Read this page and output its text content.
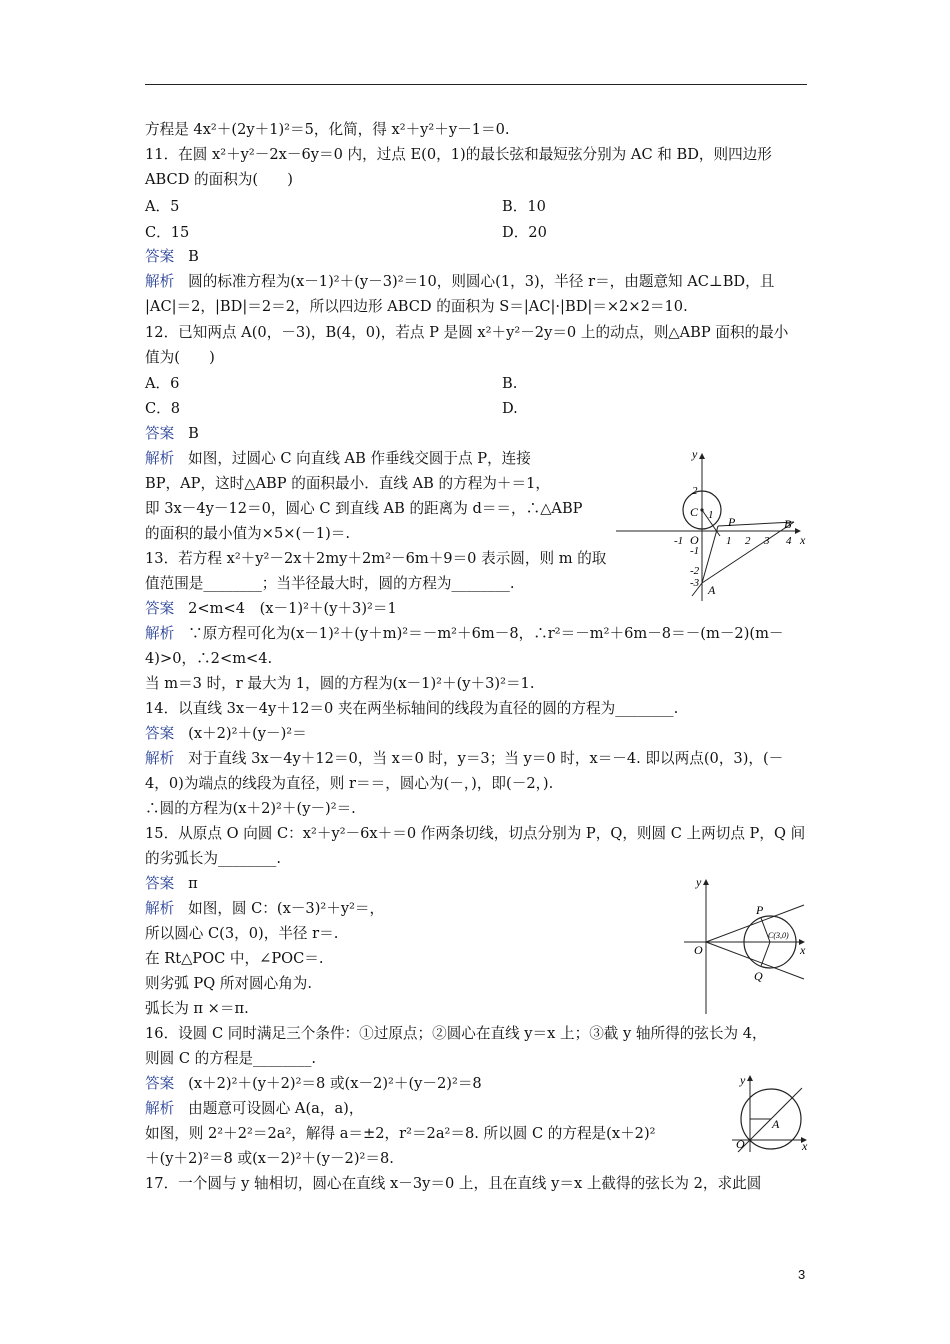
方程是 4x²＋(2y＋1)²＝5，化简，得 x²＋y²＋y－1＝0.
11．在圆 x²＋y²－2x－6y＝0 内，过点 E(0，1)的最长弦和最短弦分别为 AC 和 BD，则四边形
ABCD 的面积为(　　)
A．5	B．10
C．15	D．20
答案 B
解析 圆的标准方程为(x－1)²＋(y－3)²＝10，则圆心(1，3)，半径 r＝，由题意知 AC⊥BD，且
|AC|＝2，|BD|＝2＝2，所以四边形 ABCD 的面积为 S＝|AC|·|BD|＝×2×2＝10.
12．已知两点 A(0，－3)，B(4，0)，若点 P 是圆 x²＋y²－2y＝0 上的动点，则△ABP 面积的最小
值为(　　)
A．6	B.
C．8	D.
答案 B
解析 如图，过圆心 C 向直线 AB 作垂线交圆于点 P，连接
BP，AP，这时△ABP 的面积最小．直线 AB 的方程为＋＝1，
即 3x－4y－12＝0，圆心 C 到直线 AB 的距离为 d＝＝，∴△ABP
的面积的最小值为×5×(－1)＝.
13．若方程 x²＋y²－2x＋2my＋2m²－6m＋9＝0 表示圆，则 m 的取
值范围是________；当半径最大时，圆的方程为________.
答案 2<m<4　(x－1)²＋(y＋3)²＝1
解析 ∵原方程可化为(x－1)²＋(y＋m)²＝－m²＋6m－8，∴r²＝－m²＋6m－8＝－(m－2)(m－
4)>0，∴2<m<4.
当 m＝3 时，r 最大为 1，圆的方程为(x－1)²＋(y＋3)²＝1.
14．以直线 3x－4y＋12＝0 夹在两坐标轴间的线段为直径的圆的方程为________.
答案 (x＋2)²＋(y－)²＝
解析 对于直线 3x－4y＋12＝0，当 x＝0 时，y＝3；当 y＝0 时，x＝－4. 即以两点(0，3)，(－
4，0)为端点的线段为直径，则 r＝＝，圆心为(－，)，即(－2，).
∴圆的方程为(x＋2)²＋(y－)²＝.
15．从原点 O 向圆 C：x²＋y²－6x＋＝0 作两条切线，切点分别为 P，Q，则圆 C 上两切点 P，Q 间
的劣弧长为________.
答案 π
解析 如图，圆 C：(x－3)²＋y²＝，
所以圆心 C(3，0)，半径 r＝.
在 Rt△POC 中，∠POC＝.
则劣弧 PQ 所对圆心角为.
弧长为 π ×＝π.
16．设圆 C 同时满足三个条件：①过原点；②圆心在直线 y＝x 上；③截 y 轴所得的弦长为 4，
则圆 C 的方程是________.
答案 (x＋2)²＋(y＋2)²＝8 或(x－2)²＋(y－2)²＝8
解析 由题意可设圆心 A(a，a)，
如图，则 2²＋2²＝2a²，解得 a＝±2，r²＝2a²＝8. 所以圆 C 的方程是(x＋2)²
＋(y＋2)²＝8 或(x－2)²＋(y－2)²＝8.
17．一个圆与 y 轴相切，圆心在直线 x－3y＝0 上，且在直线 y＝x 上截得的弦长为 2，求此圆
y
x
C
P	B
A
O 1 2 3 4
-1
-2
-3
2
1
-1
y
x
O
P
Q
C(3,0)
y
x
O
A
3
